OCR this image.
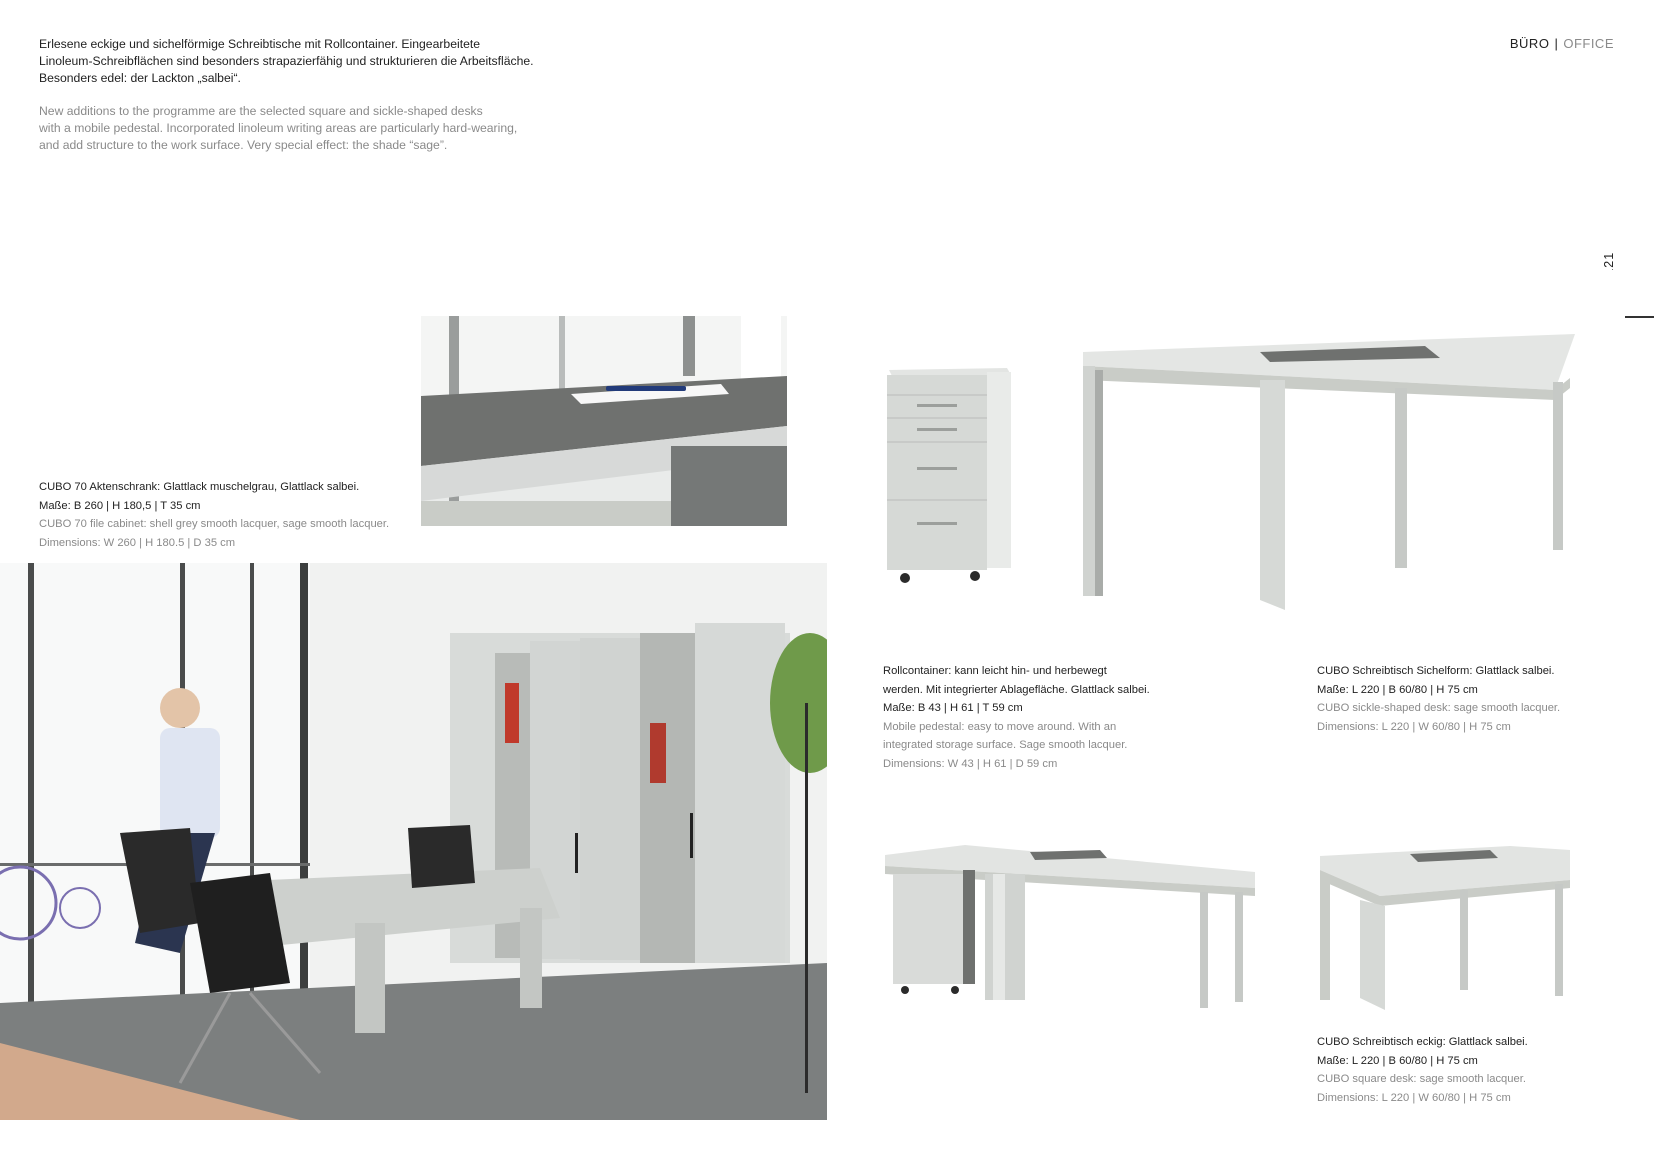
BÜRO | OFFICE
Erlesene eckige und sichelförmige Schreibtische mit Rollcontainer. Eingearbeitete
Linoleum-Schreibflächen sind besonders strapazierfähig und strukturieren die Arbeitsfläche.
Besonders edel: der Lackton „salbei“.
New additions to the programme are the selected square and sickle-shaped desks
with a mobile pedestal. Incorporated linoleum writing areas are particularly hard-wearing,
and add structure to the work surface. Very special effect: the shade “sage”.
CUBO 70 Aktenschrank: Glattlack muschelgrau, Glattlack salbei.
Maße: B 260 | H 180,5 | T 35 cm
CUBO 70 file cabinet: shell grey smooth lacquer, sage smooth lacquer.
Dimensions: W 260 | H 180.5 | D 35 cm
Rollcontainer: kann leicht hin- und herbewegt
werden. Mit integrierter Ablagefläche. Glattlack salbei.
Maße: B 43 | H 61 | T 59 cm
Mobile pedestal: easy to move around. With an
integrated storage surface. Sage smooth lacquer.
Dimensions: W 43 | H 61 | D 59 cm
CUBO Schreibtisch Sichelform: Glattlack salbei.
Maße: L 220 | B 60/80 | H 75 cm
CUBO sickle-shaped desk: sage smooth lacquer.
Dimensions: L 220 | W 60/80 | H 75 cm
CUBO Schreibtisch eckig: Glattlack salbei.
Maße: L 220 | B 60/80 | H 75 cm
CUBO square desk: sage smooth lacquer.
Dimensions: L 220 | W 60/80 | H 75 cm
